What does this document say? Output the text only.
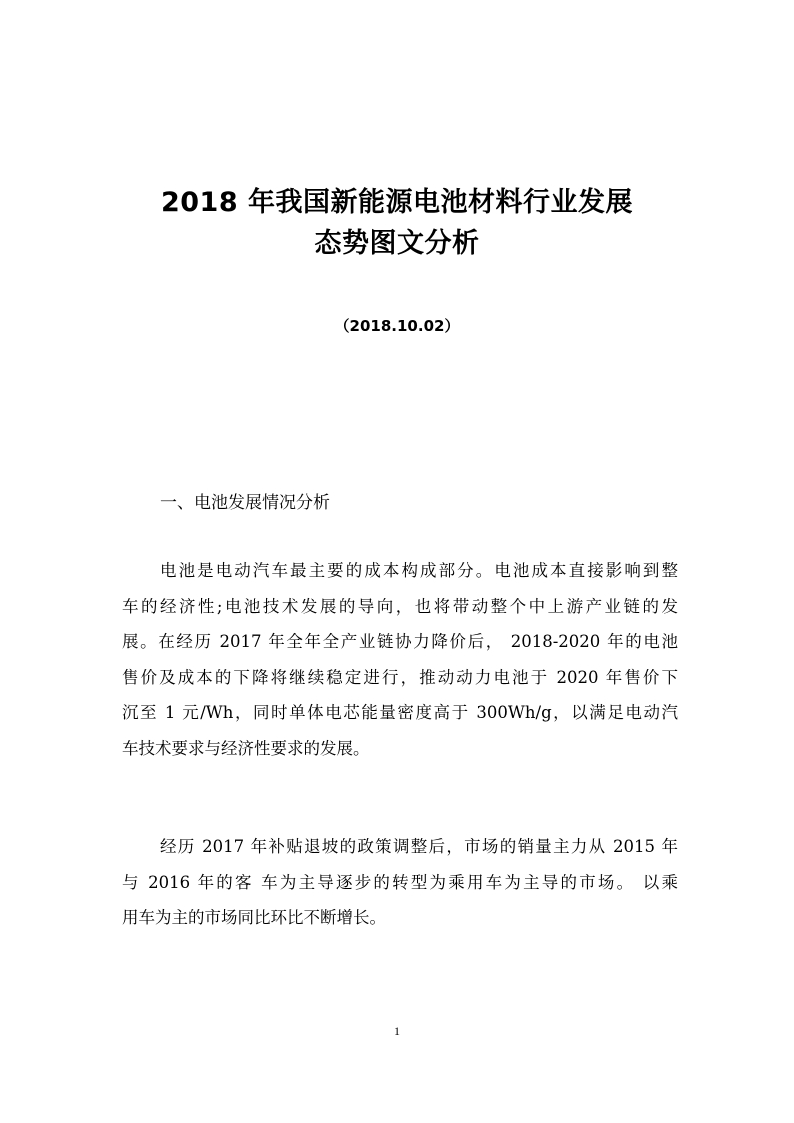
2018 年我国新能源电池材料行业发展
态势图文分析
（2018.10.02）
一、电池发展情况分析
电池是电动汽车最主要的成本构成部分。电池成本直接影响到整
车的经济性;电池技术发展的导向，也将带动整个中上游产业链的发
展。在经历 2017 年全年全产业链协力降价后， 2018-2020 年的电池
售价及成本的下降将继续稳定进行，推动动力电池于 2020 年售价下
沉至 1 元/Wh，同时单体电芯能量密度高于 300Wh/g，以满足电动汽
车技术要求与经济性要求的发展。
经历 2017 年补贴退坡的政策调整后，市场的销量主力从 2015 年
与 2016 年的客 车为主导逐步的转型为乘用车为主导的市场。 以乘
用车为主的市场同比环比不断增长。
1
